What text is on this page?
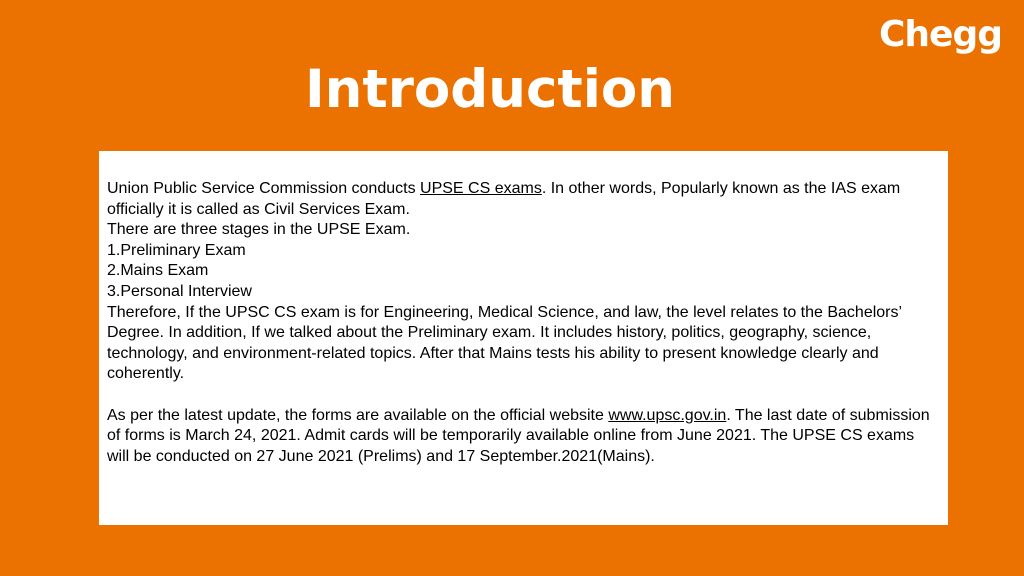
Chegg
Introduction

Union Public Service Commission conducts UPSE CS exams. In other words, Popularly known as the IAS exam officially it is called as Civil Services Exam.

There are three stages in the UPSE Exam.

1.Preliminary Exam

2.Mains Exam

3.Personal Interview

Therefore, If the UPSC CS exam is for Engineering, Medical Science, and law, the level relates to the Bachelors’ Degree. In addition, If we talked about the Preliminary exam. It includes history, politics, geography, science, technology, and environment-related topics. After that Mains tests his ability to present knowledge clearly and coherently.

As per the latest update, the forms are available on the official website www.upsc.gov.in. The last date of submission of forms is March 24, 2021. Admit cards will be temporarily available online from June 2021. The UPSE CS exams will be conducted on 27 June 2021 (Prelims) and 17 September.2021(Mains).
